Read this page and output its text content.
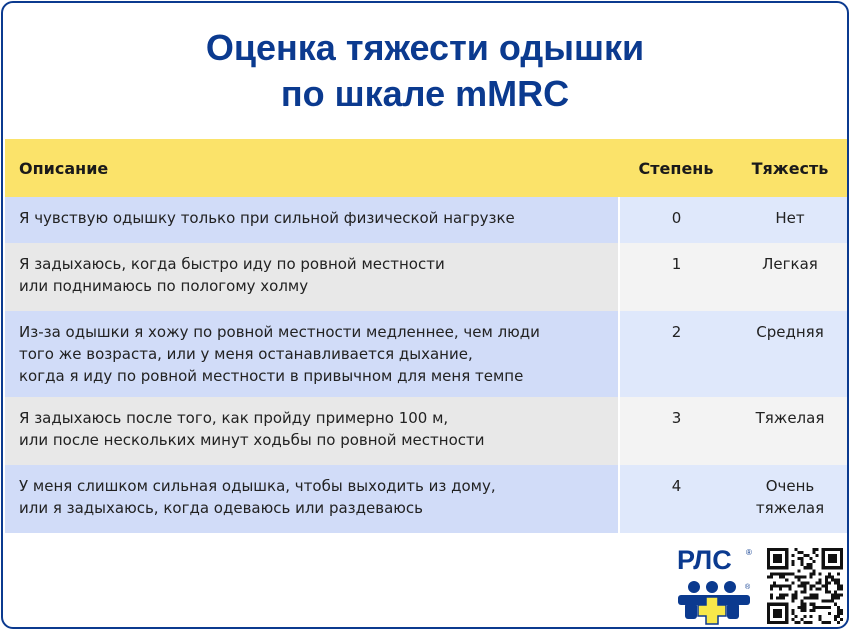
Оценка тяжести одышки
по шкале mMRC
Описание	Степень	Тяжесть

Я чувствую одышку только при сильной физической нагрузке	0	Нет

Я задыхаюсь, когда быстро иду по ровной местности
или поднимаюсь по пологому холму	1	Легкая

Из-за одышки я хожу по ровной местности медленнее, чем люди
того же возраста, или у меня останавливается дыхание,
когда я иду по ровной местности в привычном для меня темпе	2	Средняя

Я задыхаюсь после того, как пройду примерно 100 м,
или после нескольких минут ходьбы по ровной местности	3	Тяжелая

У меня слишком сильная одышка, чтобы выходить из дому,
или я задыхаюсь, когда одеваюсь или раздеваюсь	4	Очень
тяжелая
РЛС ®
®
